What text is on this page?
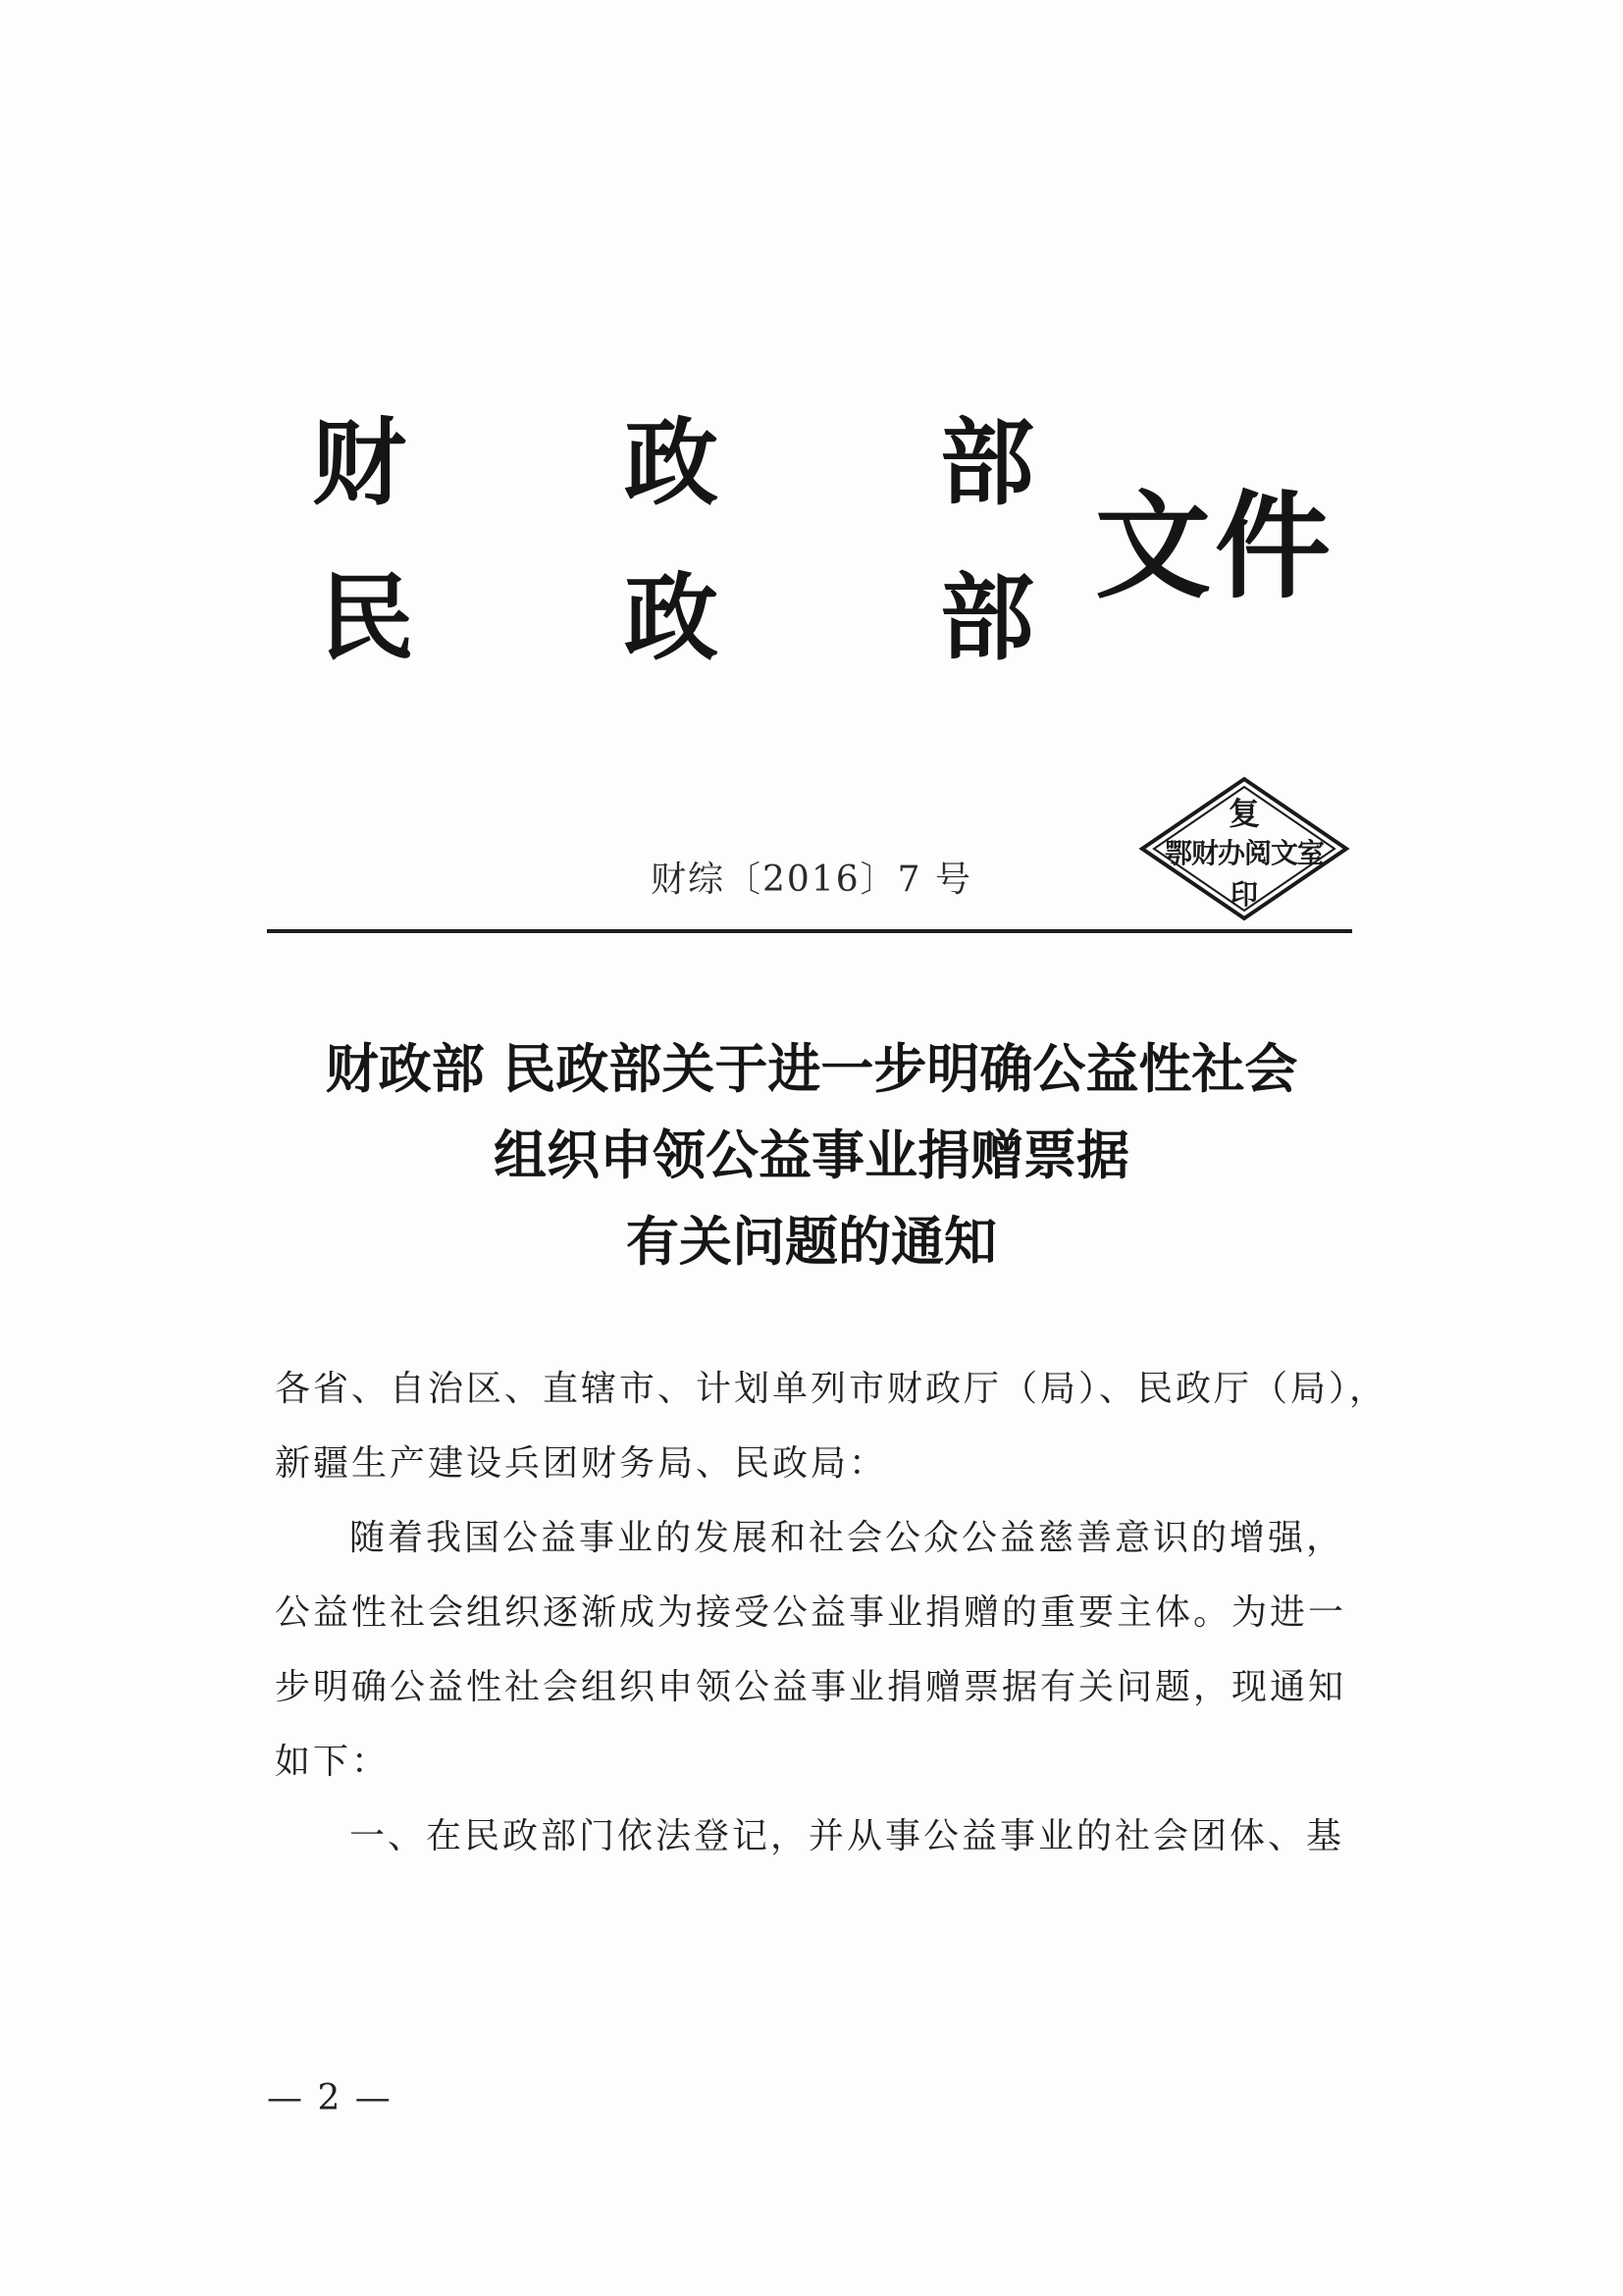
财 政 部
民 政 部
文件
财综〔2016〕7 号
复
鄂财办阅文室
印
财政部 民政部关于进一步明确公益性社会
组织申领公益事业捐赠票据
有关问题的通知
各省、自治区、直辖市、计划单列市财政厅（局）、民政厅（局），
新疆生产建设兵团财务局、民政局：
随着我国公益事业的发展和社会公众公益慈善意识的增强，
公益性社会组织逐渐成为接受公益事业捐赠的重要主体。为进一
步明确公益性社会组织申领公益事业捐赠票据有关问题，现通知
如下：
一、在民政部门依法登记，并从事公益事业的社会团体、基
— 2 —
